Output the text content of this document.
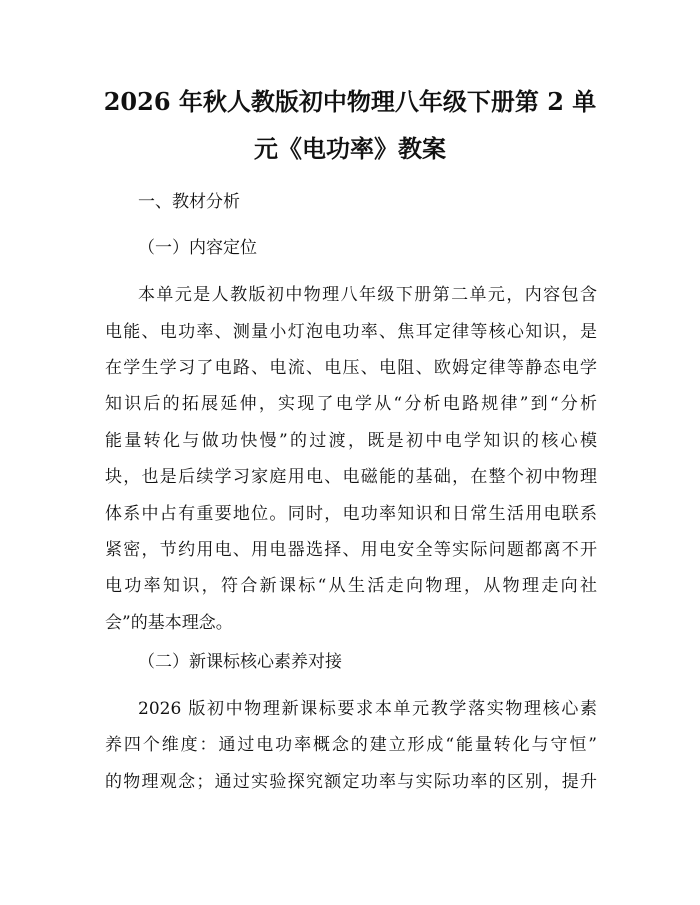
2026 年秋人教版初中物理八年级下册第 2 单
元《电功率》教案
一、教材分析
（一）内容定位
本单元是人教版初中物理八年级下册第二单元，内容包含
电能、电功率、测量小灯泡电功率、焦耳定律等核心知识，是
在学生学习了电路、电流、电压、电阻、欧姆定律等静态电学
知识后的拓展延伸，实现了电学从“分析电路规律”到“分析
能量转化与做功快慢”的过渡，既是初中电学知识的核心模
块，也是后续学习家庭用电、电磁能的基础，在整个初中物理
体系中占有重要地位。同时，电功率知识和日常生活用电联系
紧密，节约用电、用电器选择、用电安全等实际问题都离不开
电功率知识，符合新课标“从生活走向物理，从物理走向社
会”的基本理念。
（二）新课标核心素养对接
2026 版初中物理新课标要求本单元教学落实物理核心素
养四个维度：通过电功率概念的建立形成“能量转化与守恒”
的物理观念；通过实验探究额定功率与实际功率的区别，提升
